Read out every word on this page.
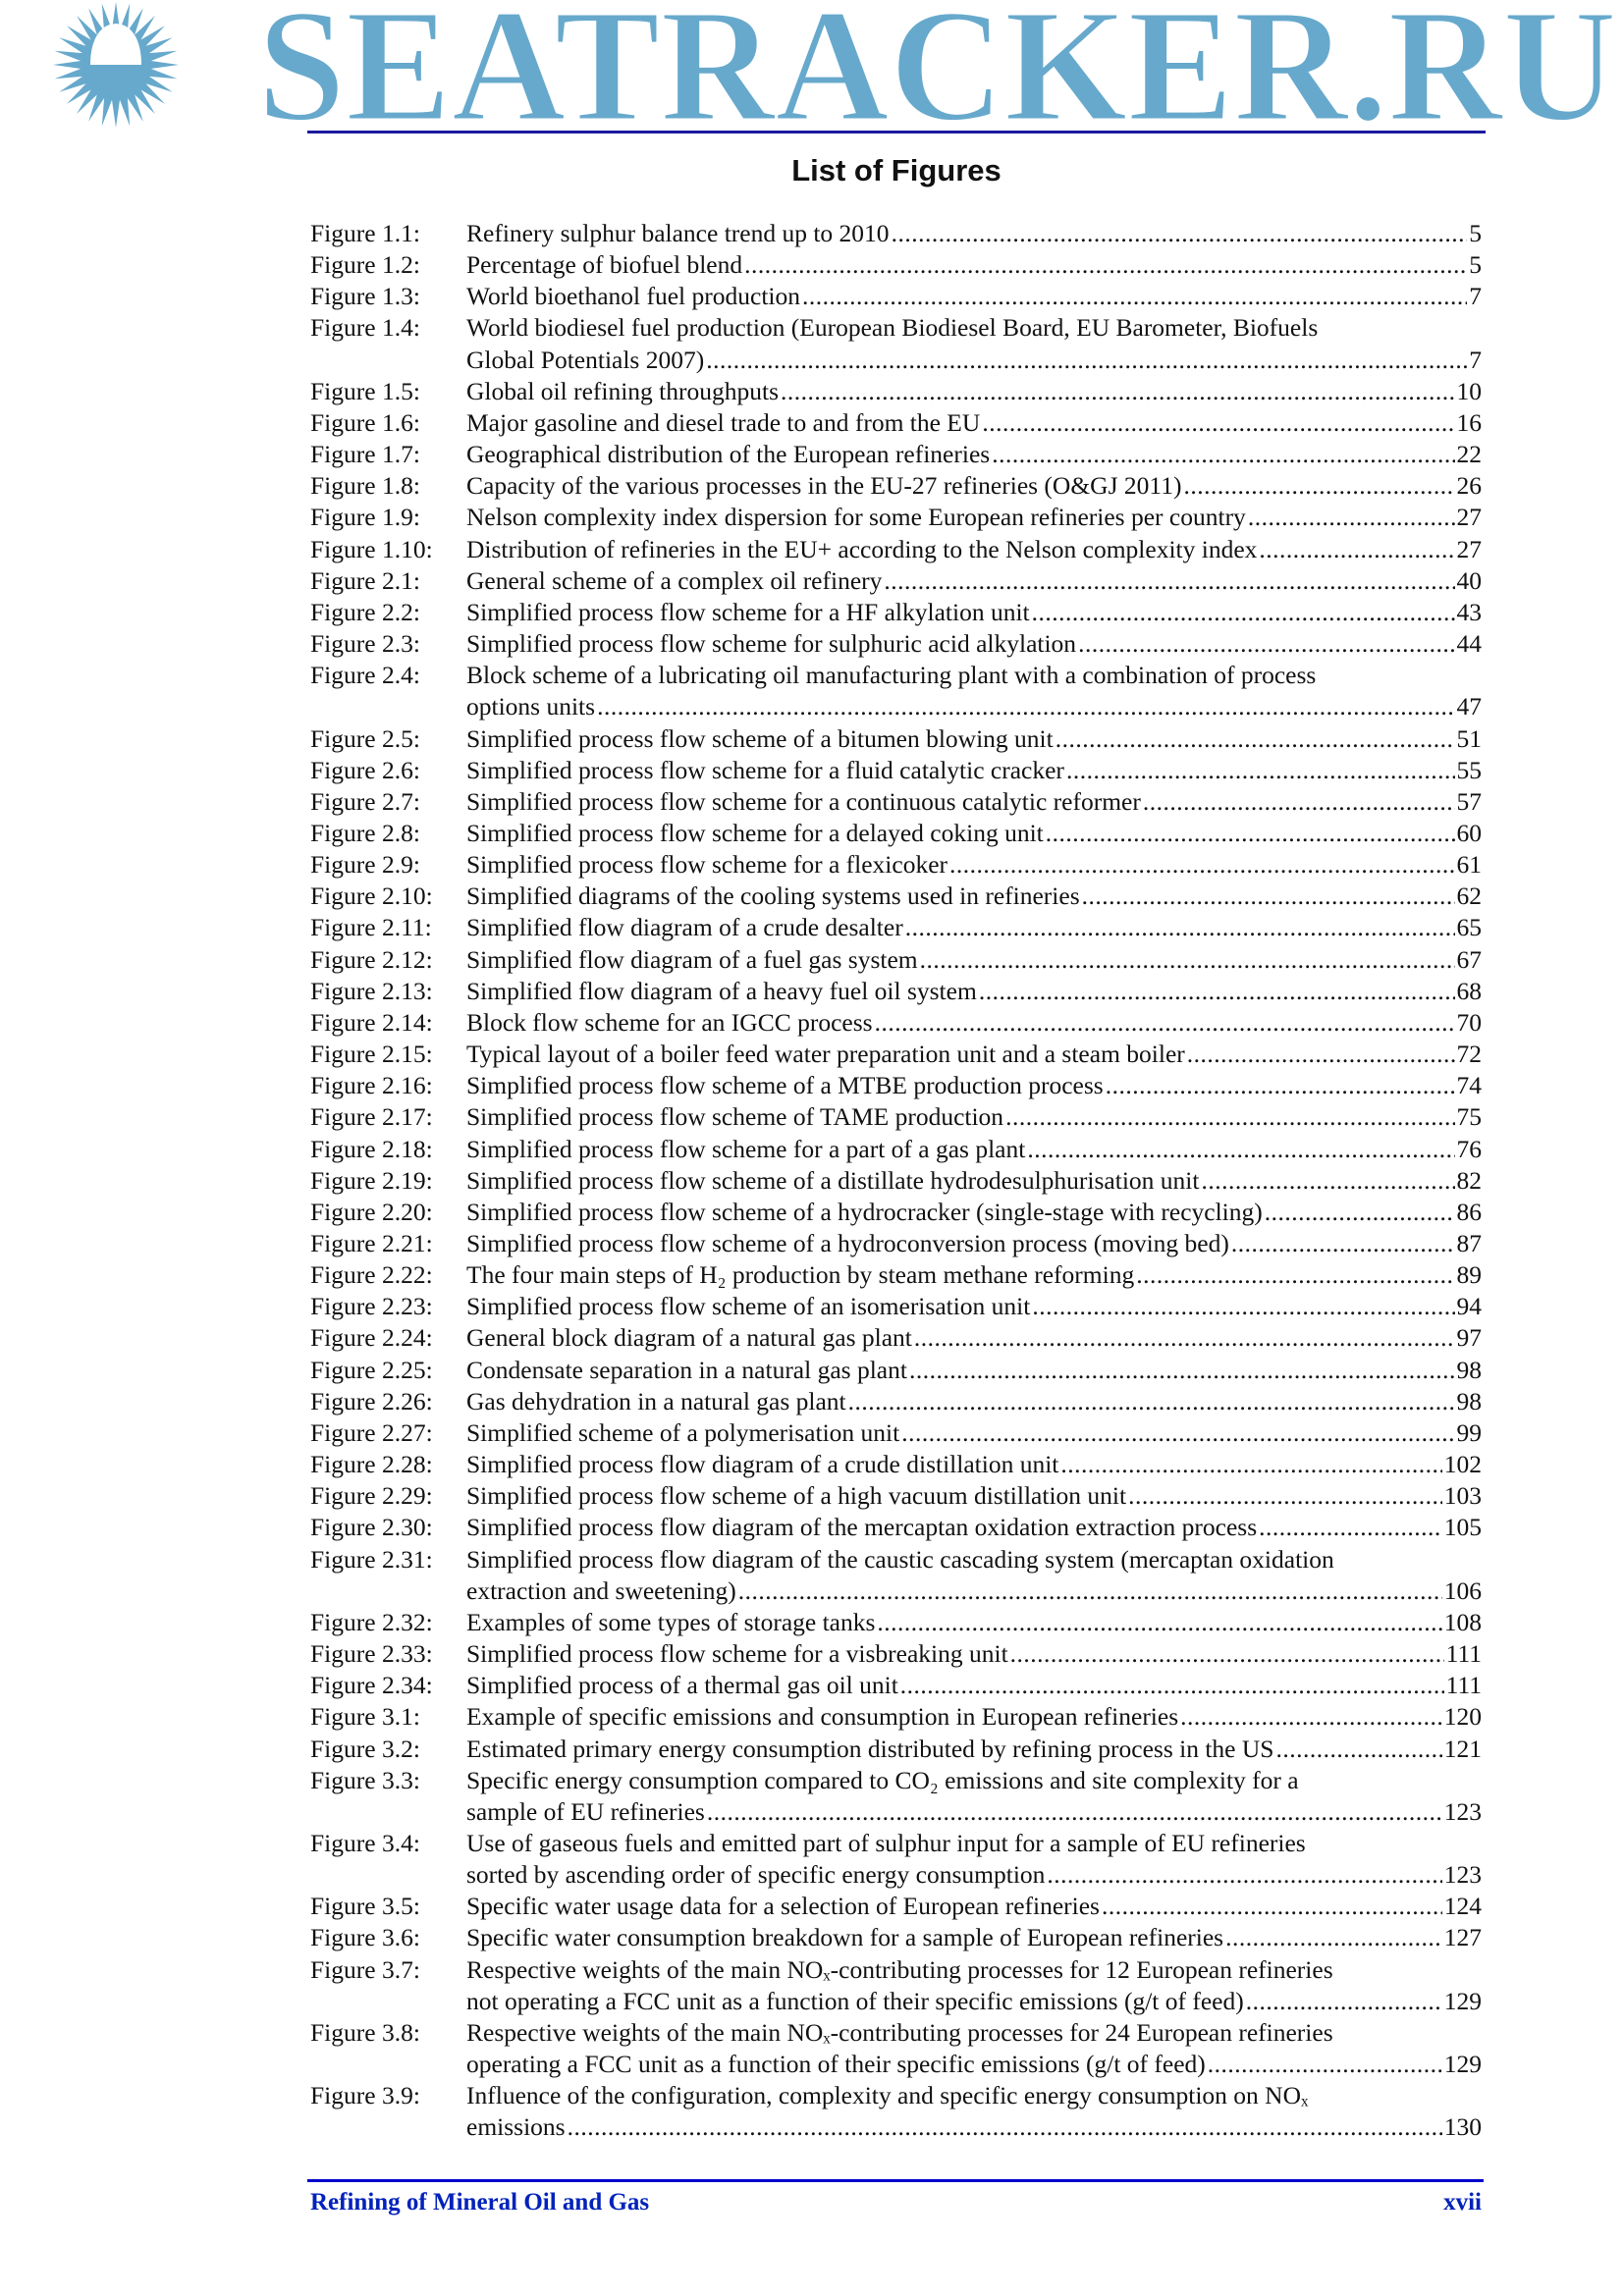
SEATRACKER.RU
List of Figures
Figure 1.1:	Refinery sulphur balance trend up to 2010 .....	5
Figure 1.2:	Percentage of biofuel blend .....	5
Figure 1.3:	World bioethanol fuel production .....	7
Figure 1.4:	World biodiesel fuel production (European Biodiesel Board, EU Barometer, Biofuels
Global Potentials 2007) .....	7
Figure 1.5:	Global oil refining throughputs .....	10
Figure 1.6:	Major gasoline and diesel trade to and from the EU .....	16
Figure 1.7:	Geographical distribution of the European refineries .....	22
Figure 1.8:	Capacity of the various processes in the EU-27 refineries (O&GJ 2011) .....	26
Figure 1.9:	Nelson complexity index dispersion for some European refineries per country .....	27
Figure 1.10:	Distribution of refineries in the EU+ according to the Nelson complexity index .....	27
Figure 2.1:	General scheme of a complex oil refinery .....	40
Figure 2.2:	Simplified process flow scheme for a HF alkylation unit .....	43
Figure 2.3:	Simplified process flow scheme for sulphuric acid alkylation .....	44
Figure 2.4:	Block scheme of a lubricating oil manufacturing plant with a combination of process
options units .....	47
Figure 2.5:	Simplified process flow scheme of a bitumen blowing unit .....	51
Figure 2.6:	Simplified process flow scheme for a fluid catalytic cracker .....	55
Figure 2.7:	Simplified process flow scheme for a continuous catalytic reformer .....	57
Figure 2.8:	Simplified process flow scheme for a delayed coking unit .....	60
Figure 2.9:	Simplified process flow scheme for a flexicoker .....	61
Figure 2.10:	Simplified diagrams of the cooling systems used in refineries .....	62
Figure 2.11:	Simplified flow diagram of a crude desalter .....	65
Figure 2.12:	Simplified flow diagram of a fuel gas system .....	67
Figure 2.13:	Simplified flow diagram of a heavy fuel oil system .....	68
Figure 2.14:	Block flow scheme for an IGCC process .....	70
Figure 2.15:	Typical layout of a boiler feed water preparation unit and a steam boiler .....	72
Figure 2.16:	Simplified process flow scheme of a MTBE production process .....	74
Figure 2.17:	Simplified process flow scheme of TAME production .....	75
Figure 2.18:	Simplified process flow scheme for a part of a gas plant .....	76
Figure 2.19:	Simplified process flow scheme of a distillate hydrodesulphurisation unit .....	82
Figure 2.20:	Simplified process flow scheme of a hydrocracker (single-stage with recycling) .....	86
Figure 2.21:	Simplified process flow scheme of a hydroconversion process (moving bed) .....	87
Figure 2.22:	The four main steps of H₂ production by steam methane reforming .....	89
Figure 2.23:	Simplified process flow scheme of an isomerisation unit .....	94
Figure 2.24:	General block diagram of a natural gas plant .....	97
Figure 2.25:	Condensate separation in a natural gas plant .....	98
Figure 2.26:	Gas dehydration in a natural gas plant .....	98
Figure 2.27:	Simplified scheme of a polymerisation unit .....	99
Figure 2.28:	Simplified process flow diagram of a crude distillation unit .....	102
Figure 2.29:	Simplified process flow scheme of a high vacuum distillation unit .....	103
Figure 2.30:	Simplified process flow diagram of the mercaptan oxidation extraction process .....	105
Figure 2.31:	Simplified process flow diagram of the caustic cascading system (mercaptan oxidation
extraction and sweetening) .....	106
Figure 2.32:	Examples of some types of storage tanks .....	108
Figure 2.33:	Simplified process flow scheme for a visbreaking unit .....	111
Figure 2.34:	Simplified process of a thermal gas oil unit .....	111
Figure 3.1:	Example of specific emissions and consumption in European refineries .....	120
Figure 3.2:	Estimated primary energy consumption distributed by refining process in the US .....	121
Figure 3.3:	Specific energy consumption compared to CO₂ emissions and site complexity for a
sample of EU refineries .....	123
Figure 3.4:	Use of gaseous fuels and emitted part of sulphur input for a sample of EU refineries
sorted by ascending order of specific energy consumption .....	123
Figure 3.5:	Specific water usage data for a selection of European refineries .....	124
Figure 3.6:	Specific water consumption breakdown for a sample of European refineries .....	127
Figure 3.7:	Respective weights of the main NOₓ-contributing processes for 12 European refineries
not operating a FCC unit as a function of their specific emissions (g/t of feed) .....	129
Figure 3.8:	Respective weights of the main NOₓ-contributing processes for 24 European refineries
operating a FCC unit as a function of their specific emissions (g/t of feed) .....	129
Figure 3.9:	Influence of the configuration, complexity and specific energy consumption on NOₓ
emissions .....	130
Refining of Mineral Oil and Gas	xvii
